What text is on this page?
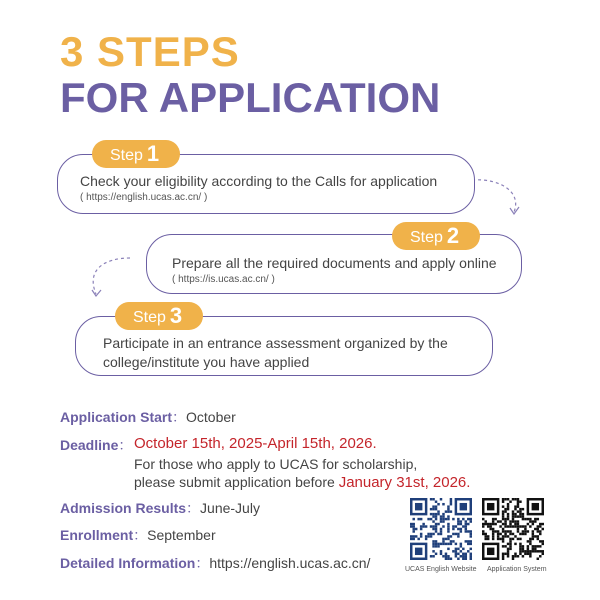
3 STEPS
FOR APPLICATION
Step 1
Check your eligibility according to the Calls for application
( https://english.ucas.ac.cn/ )
Step 2
Prepare all the required documents and apply online
( https://is.ucas.ac.cn/ )
Step 3
Participate in an entrance assessment organized by the
college/institute you have applied
Application Start：October
Deadline： October 15th, 2025-April 15th, 2026.
For those who apply to UCAS for scholarship,
please submit application before January 31st, 2026.
Admission Results：June-July
Enrollment：September
Detailed Information：https://english.ucas.ac.cn/	UCAS English Website Application System
